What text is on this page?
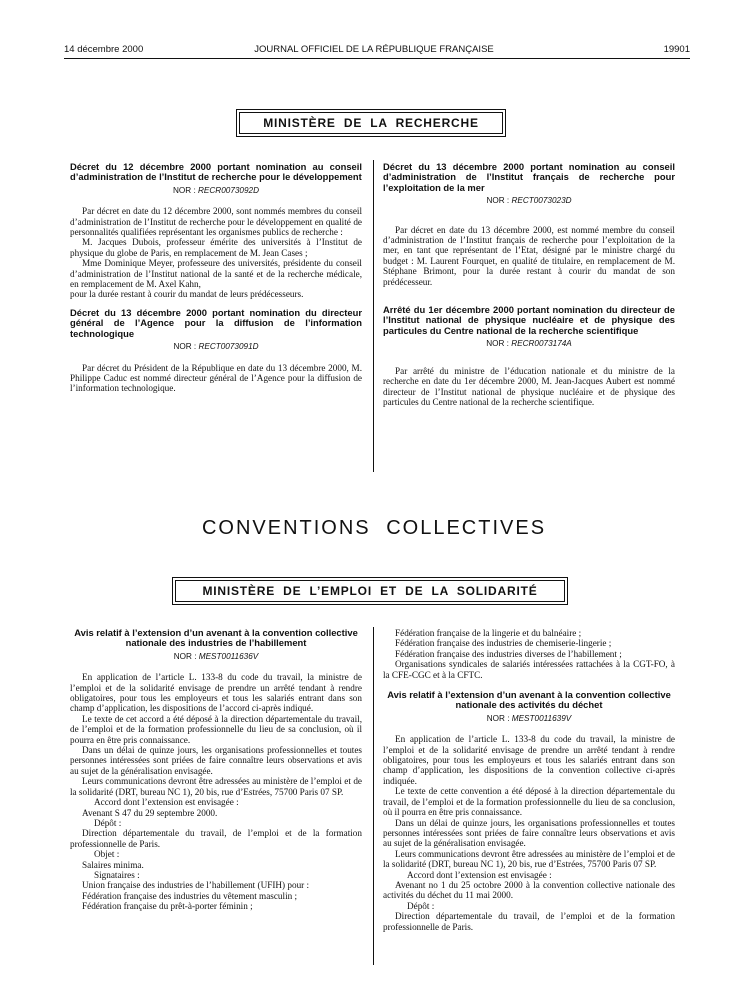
14 décembre 2000	JOURNAL OFFICIEL DE LA RÉPUBLIQUE FRANÇAISE	19901
MINISTÈRE DE LA RECHERCHE
Décret du 12 décembre 2000 portant nomination au conseil d’administration de l’Institut de recherche pour le développement
NOR : RECR0073092D

Par décret en date du 12 décembre 2000, sont nommés membres du conseil d’administration de l’Institut de recherche pour le développement en qualité de personnalités qualifiées représentant les organismes publics de recherche :

M. Jacques Dubois, professeur émérite des universités à l’Institut de physique du globe de Paris, en remplacement de M. Jean Cases ;

Mme Dominique Meyer, professeure des universités, présidente du conseil d’administration de l’Institut national de la santé et de la recherche médicale, en remplacement de M. Axel Kahn,

pour la durée restant à courir du mandat de leurs prédécesseurs.

Décret du 13 décembre 2000 portant nomination du directeur général de l’Agence pour la diffusion de l’information technologique
NOR : RECT0073091D

Par décret du Président de la République en date du 13 décembre 2000, M. Philippe Caduc est nommé directeur général de l’Agence pour la diffusion de l’information technologique.

Décret du 13 décembre 2000 portant nomination au conseil d’administration de l’Institut français de recherche pour l’exploitation de la mer
NOR : RECT0073023D

Par décret en date du 13 décembre 2000, est nommé membre du conseil d’administration de l’Institut français de recherche pour l’exploitation de la mer, en tant que représentant de l’Etat, désigné par le ministre chargé du budget : M. Laurent Fourquet, en qualité de titulaire, en remplacement de M. Stéphane Brimont, pour la durée restant à courir du mandat de son prédécesseur.

Arrêté du 1er décembre 2000 portant nomination du directeur de l’Institut national de physique nucléaire et de physique des particules du Centre national de la recherche scientifique
NOR : RECR0073174A

Par arrêté du ministre de l’éducation nationale et du ministre de la recherche en date du 1er décembre 2000, M. Jean-Jacques Aubert est nommé directeur de l’Institut national de physique nucléaire et de physique des particules du Centre national de la recherche scientifique.

CONVENTIONS COLLECTIVES
MINISTÈRE DE L’EMPLOI ET DE LA SOLIDARITÉ
Avis relatif à l’extension d’un avenant à la convention collective nationale des industries de l’habillement
NOR : MEST0011636V

En application de l’article L. 133-8 du code du travail, la ministre de l’emploi et de la solidarité envisage de prendre un arrêté tendant à rendre obligatoires, pour tous les employeurs et tous les salariés entrant dans son champ d’application, les dispositions de l’accord ci-après indiqué.

Le texte de cet accord a été déposé à la direction départementale du travail, de l’emploi et de la formation professionnelle du lieu de sa conclusion, où il pourra en être pris connaissance.

Dans un délai de quinze jours, les organisations professionnelles et toutes personnes intéressées sont priées de faire connaître leurs observations et avis au sujet de la généralisation envisagée.

Leurs communications devront être adressées au ministère de l’emploi et de la solidarité (DRT, bureau NC 1), 20 bis, rue d’Estrées, 75700 Paris 07 SP.

Accord dont l’extension est envisagée :

Avenant S 47 du 29 septembre 2000.

Dépôt :

Direction départementale du travail, de l’emploi et de la formation professionnelle de Paris.

Objet :

Salaires minima.

Signataires :

Union française des industries de l’habillement (UFIH) pour :

Fédération française des industries du vêtement masculin ;

Fédération française du prêt-à-porter féminin ;

Fédération française de la lingerie et du balnéaire ;

Fédération française des industries de chemiserie-lingerie ;

Fédération française des industries diverses de l’habillement ;

Organisations syndicales de salariés intéressées rattachées à la CGT-FO, à la CFE-CGC et à la CFTC.

Avis relatif à l’extension d’un avenant à la convention collective nationale des activités du déchet
NOR : MEST0011639V

En application de l’article L. 133-8 du code du travail, la ministre de l’emploi et de la solidarité envisage de prendre un arrêté tendant à rendre obligatoires, pour tous les employeurs et tous les salariés entrant dans son champ d’application, les dispositions de la convention collective ci-après indiquée.

Le texte de cette convention a été déposé à la direction départementale du travail, de l’emploi et de la formation professionnelle du lieu de sa conclusion, où il pourra en être pris connaissance.

Dans un délai de quinze jours, les organisations professionnelles et toutes personnes intéressées sont priées de faire connaître leurs observations et avis au sujet de la généralisation envisagée.

Leurs communications devront être adressées au ministère de l’emploi et de la solidarité (DRT, bureau NC 1), 20 bis, rue d’Estrées, 75700 Paris 07 SP.

Accord dont l’extension est envisagée :

Avenant no 1 du 25 octobre 2000 à la convention collective nationale des activités du déchet du 11 mai 2000.

Dépôt :

Direction départementale du travail, de l’emploi et de la formation professionnelle de Paris.
